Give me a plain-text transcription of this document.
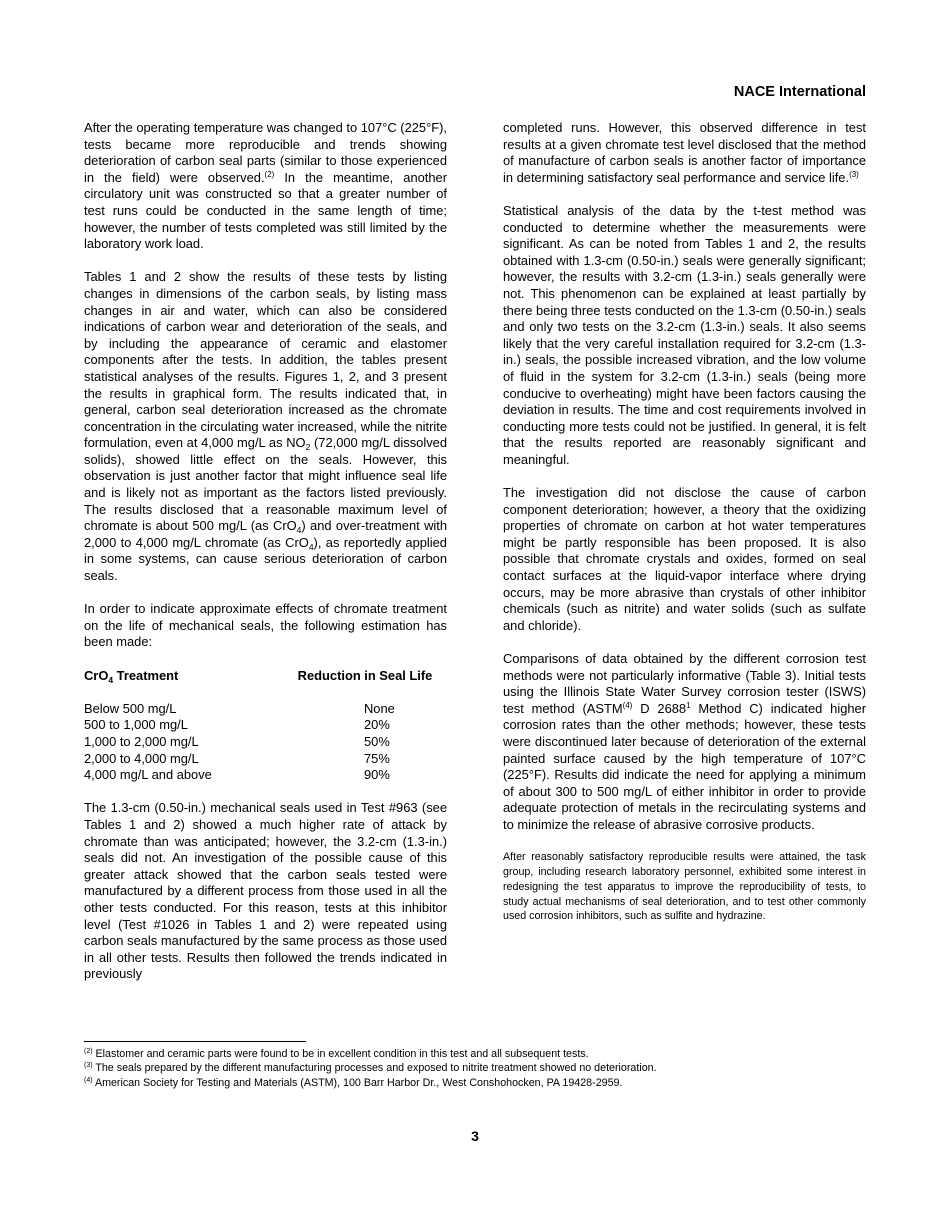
NACE International

After the operating temperature was changed to 107°C (225°F), tests became more reproducible and trends showing deterioration of carbon seal parts (similar to those experienced in the field) were observed.$^{(2)}$ In the meantime, another circulatory unit was constructed so that a greater number of test runs could be conducted in the same length of time; however, the number of tests completed was still limited by the laboratory work load.

Tables 1 and 2 show the results of these tests by listing changes in dimensions of the carbon seals, by listing mass changes in air and water, which can also be considered indications of carbon wear and deterioration of the seals, and by including the appearance of ceramic and elastomer components after the tests. In addition, the tables present statistical analyses of the results. Figures 1, 2, and 3 present the results in graphical form. The results indicated that, in general, carbon seal deterioration increased as the chromate concentration in the circulating water increased, while the nitrite formulation, even at 4,000 mg/L as $NO_2$ (72,000 mg/L dissolved solids), showed little effect on the seals. However, this observation is just another factor that might influence seal life and is likely not as important as the factors listed previously. The results disclosed that a reasonable maximum level of chromate is about 500 mg/L (as CrO$_4$) and over-treatment with 2,000 to 4,000 mg/L chromate (as CrO$_4$), as reportedly applied in some systems, can cause serious deterioration of carbon seals.

In order to indicate approximate effects of chromate treatment on the life of mechanical seals, the following estimation has been made:

CrO$_4$ Treatment	Reduction in Seal Life
Below 500 mg/L	None
500 to 1,000 mg/L	20%
1,000 to 2,000 mg/L	50%
2,000 to 4,000 mg/L	75%
4,000 mg/L and above	90%

The 1.3-cm (0.50-in.) mechanical seals used in Test #963 (see Tables 1 and 2) showed a much higher rate of attack by chromate than was anticipated; however, the 3.2-cm (1.3-in.) seals did not. An investigation of the possible cause of this greater attack showed that the carbon seals tested were manufactured by a different process from those used in all the other tests conducted. For this reason, tests at this inhibitor level (Test #1026 in Tables 1 and 2) were repeated using carbon seals manufactured by the same process as those used in all other tests. Results then followed the trends indicated in previously

completed runs. However, this observed difference in test results at a given chromate test level disclosed that the method of manufacture of carbon seals is another factor of importance in determining satisfactory seal performance and service life.$^{(3)}$

Statistical analysis of the data by the t-test method was conducted to determine whether the measurements were significant. As can be noted from Tables 1 and 2, the results obtained with 1.3-cm (0.50-in.) seals were generally significant; however, the results with 3.2-cm (1.3-in.) seals generally were not. This phenomenon can be explained at least partially by there being three tests conducted on the 1.3-cm (0.50-in.) seals and only two tests on the 3.2-cm (1.3-in.) seals. It also seems likely that the very careful installation required for 3.2-cm (1.3-in.) seals, the possible increased vibration, and the low volume of fluid in the system for 3.2-cm (1.3-in.) seals (being more conducive to overheating) might have been factors causing the deviation in results. The time and cost requirements involved in conducting more tests could not be justified. In general, it is felt that the results reported are reasonably significant and meaningful.

The investigation did not disclose the cause of carbon component deterioration; however, a theory that the oxidizing properties of chromate on carbon at hot water temperatures might be partly responsible has been proposed. It is also possible that chromate crystals and oxides, formed on seal contact surfaces at the liquid-vapor interface where drying occurs, may be more abrasive than crystals of other inhibitor chemicals (such as nitrite) and water solids (such as sulfate and chloride).

Comparisons of data obtained by the different corrosion test methods were not particularly informative (Table 3). Initial tests using the Illinois State Water Survey corrosion tester (ISWS) test method (ASTM$^{(4)}$ D 2688$^1$ Method C) indicated higher corrosion rates than the other methods; however, these tests were discontinued later because of deterioration of the external painted surface caused by the high temperature of 107°C (225°F). Results did indicate the need for applying a minimum of about 300 to 500 mg/L of either inhibitor in order to provide adequate protection of metals in the recirculating systems and to minimize the release of abrasive corrosive products.

After reasonably satisfactory reproducible results were attained, the task group, including research laboratory personnel, exhibited some interest in redesigning the test apparatus to improve the reproducibility of tests, to study actual mechanisms of seal deterioration, and to test other commonly used corrosion inhibitors, such as sulfite and hydrazine.

$^{(2)}$ Elastomer and ceramic parts were found to be in excellent condition in this test and all subsequent tests.
$^{(3)}$ The seals prepared by the different manufacturing processes and exposed to nitrite treatment showed no deterioration.
$^{(4)}$ American Society for Testing and Materials (ASTM), 100 Barr Harbor Dr., West Conshohocken, PA 19428-2959.
3
